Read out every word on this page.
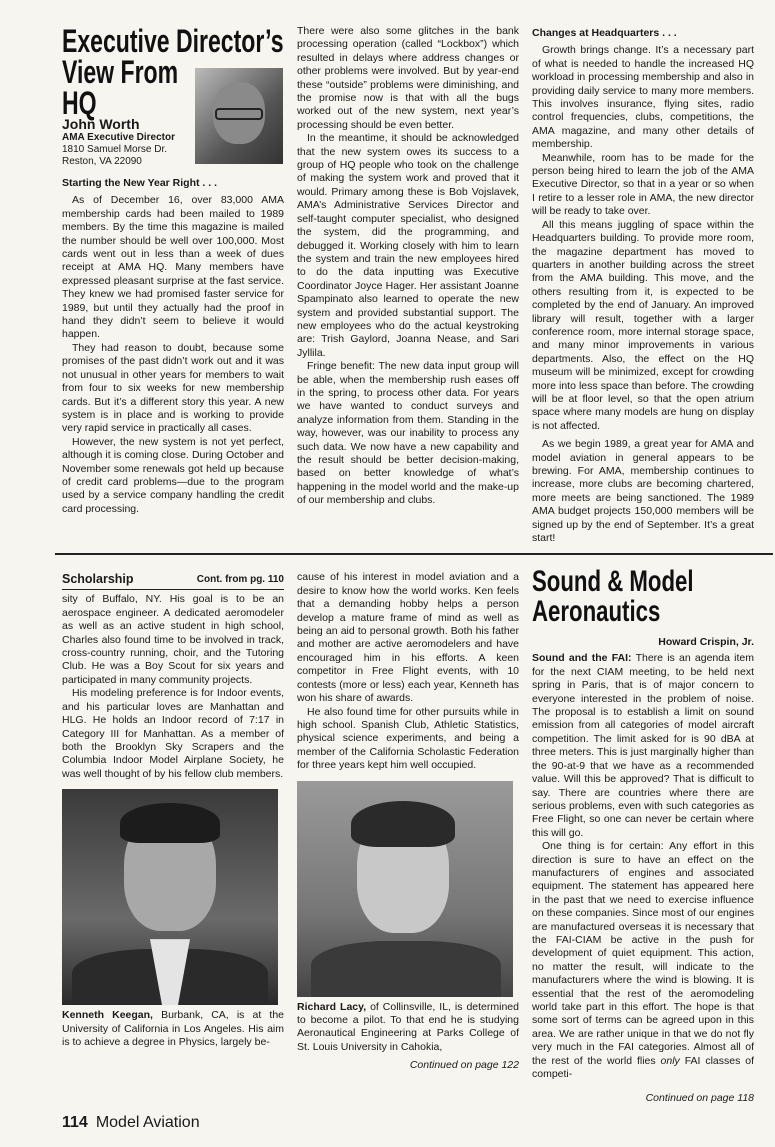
Executive Director’s
View From
HQ
John Worth
AMA Executive Director
1810 Samuel Morse Dr.
Reston, VA 22090
Starting the New Year Right . . .

As of December 16, over 83,000 AMA membership cards had been mailed to 1989 members. By the time this magazine is mailed the number should be well over 100,000. Most cards went out in less than a week of dues receipt at AMA HQ. Many members have expressed pleasant surprise at the fast service. They knew we had promised faster service for 1989, but until they actually had the proof in hand they didn’t seem to believe it would happen.

They had reason to doubt, because some promises of the past didn’t work out and it was not unusual in other years for members to wait from four to six weeks for new membership cards. But it’s a different story this year. A new system is in place and is working to provide very rapid service in practically all cases.

However, the new system is not yet perfect, although it is coming close. During October and November some renewals got held up because of credit card problems—due to the program used by a service company handling the credit card processing.

There were also some glitches in the bank processing operation (called “Lockbox”) which resulted in delays where address changes or other problems were involved. But by year-end these “outside” problems were diminishing, and the promise now is that with all the bugs worked out of the new system, next year’s processing should be even better.

In the meantime, it should be acknowledged that the new system owes its success to a group of HQ people who took on the challenge of making the system work and proved that it would. Primary among these is Bob Vojslavek, AMA’s Administrative Services Director and self-taught computer specialist, who designed the system, did the programming, and debugged it. Working closely with him to learn the system and train the new employees hired to do the data inputting was Executive Coordinator Joyce Hager. Her assistant Joanne Spampinato also learned to operate the new system and provided substantial support. The new employees who do the actual keystroking are: Trish Gaylord, Joanna Nease, and Sari Jyllila.

Fringe benefit: The new data input group will be able, when the membership rush eases off in the spring, to process other data. For years we have wanted to conduct surveys and analyze information from them. Standing in the way, however, was our inability to process any such data. We now have a new capability and the result should be better decision-making, based on better knowledge of what’s happening in the model world and the make-up of our membership and clubs.

Changes at Headquarters . . .

Growth brings change. It’s a necessary part of what is needed to handle the increased HQ workload in processing membership and also in providing daily service to many more members. This involves insurance, flying sites, radio control frequencies, clubs, competitions, the AMA magazine, and many other details of membership.

Meanwhile, room has to be made for the person being hired to learn the job of the AMA Executive Director, so that in a year or so when I retire to a lesser role in AMA, the new director will be ready to take over.

All this means juggling of space within the Headquarters building. To provide more room, the magazine department has moved to quarters in another building across the street from the AMA building. This move, and the others resulting from it, is expected to be completed by the end of January. An improved library will result, together with a larger conference room, more internal storage space, and many minor improvements in various departments. Also, the effect on the HQ museum will be minimized, except for crowding more into less space than before. The crowding will be at floor level, so that the open atrium space where many models are hung on display is not affected.

As we begin 1989, a great year for AMA and model aviation in general appears to be brewing. For AMA, membership continues to increase, more clubs are becoming chartered, more meets are being sanctioned. The 1989 AMA budget projects 150,000 members will be signed up by the end of September. It’s a great start!

Scholarship	Cont. from pg. 110

sity of Buffalo, NY. His goal is to be an aerospace engineer. A dedicated aeromodeler as well as an active student in high school, Charles also found time to be involved in track, cross-country running, choir, and the Tutoring Club. He was a Boy Scout for six years and participated in many community projects.

His modeling preference is for Indoor events, and his particular loves are Manhattan and HLG. He holds an Indoor record of 7:17 in Category III for Manhattan. As a member of both the Brooklyn Sky Scrapers and the Columbia Indoor Model Airplane Society, he was well thought of by his fellow club members.

Kenneth Keegan, Burbank, CA, is at the University of California in Los Angeles. His aim is to achieve a degree in Physics, largely be-

cause of his interest in model aviation and a desire to know how the world works. Ken feels that a demanding hobby helps a person develop a mature frame of mind as well as being an aid to personal growth. Both his father and mother are active aeromodelers and have encouraged him in his efforts. A keen competitor in Free Flight events, with 10 contests (more or less) each year, Kenneth has won his share of awards.

He also found time for other pursuits while in high school. Spanish Club, Athletic Statistics, physical science experiments, and being a member of the California Scholastic Federation for three years kept him well occupied.

Richard Lacy, of Collinsville, IL, is determined to become a pilot. To that end he is studying Aeronautical Engineering at Parks College of St. Louis University in Cahokia,
Continued on page 122
Sound & Model
Aeronautics
Howard Crispin, Jr.

Sound and the FAI: There is an agenda item for the next CIAM meeting, to be held next spring in Paris, that is of major concern to everyone interested in the problem of noise. The proposal is to establish a limit on sound emission from all categories of model aircraft competition. The limit asked for is 90 dBA at three meters. This is just marginally higher than the 90-at-9 that we have as a recommended value. Will this be approved? That is difficult to say. There are countries where there are serious problems, even with such categories as Free Flight, so one can never be certain where this will go.

One thing is for certain: Any effort in this direction is sure to have an effect on the manufacturers of engines and associated equipment. The statement has appeared here in the past that we need to exercise influence on these companies. Since most of our engines are manufactured overseas it is necessary that the FAI-CIAM be active in the push for development of quiet equipment. This action, no matter the result, will indicate to the manufacturers where the wind is blowing. It is essential that the rest of the aeromodeling world take part in this effort. The hope is that some sort of terms can be agreed upon in this area. We are rather unique in that we do not fly very much in the FAI categories. Almost all of the rest of the world flies only FAI classes of competi-

Continued on page 118
114 Model Aviation
